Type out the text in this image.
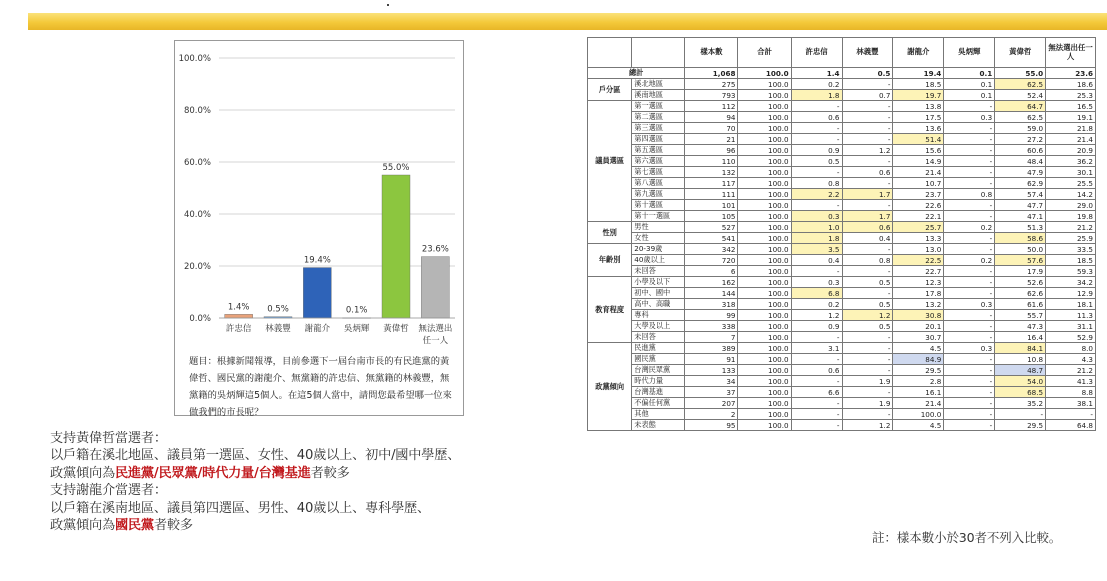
0.0%
20.0%
40.0%
60.0%
80.0%
100.0%
1.4%
許忠信
0.5%
林義豐
19.4%
謝龍介
0.1%
吳炳輝
55.0%
黃偉哲
23.6%
無法選出
任一人
題目：根據新聞報導，目前參選下一屆台南市長的有民進黨的黃偉哲、國民黨的謝龍介、無黨籍的許忠信、無黨籍的林義豐，無黨籍的吳炳輝這5個人。在這5個人當中，請問您最希望哪一位來做我們的市長呢？
支持黃偉哲當選者：
以戶籍在溪北地區、議員第一選區、女性、40歲以上、初中/國中學歷、
政黨傾向為民進黨/民眾黨/時代力量/台灣基進者較多
支持謝龍介當選者：
以戶籍在溪南地區、議員第四選區、男性、40歲以上、專科學歷、
政黨傾向為國民黨者較多
		樣本數	合計	許忠信	林義豐	謝龍介	吳炳輝	黃偉哲	無法選出任一人
總計		1,068	100.0	1.4	0.5	19.4	0.1	55.0	23.6
戶分區	溪北地區	275	100.0	0.2	-	18.5	0.1	62.5	18.6
	溪南地區	793	100.0	1.8	0.7	19.7	0.1	52.4	25.3
議員選區	第一選區	112	100.0	-	-	13.8	-	64.7	16.5
	第二選區	94	100.0	0.6	-	17.5	0.3	62.5	19.1
	第三選區	70	100.0	-	-	13.6	-	59.0	21.8
	第四選區	21	100.0	-	-	51.4	-	27.2	21.4
	第五選區	96	100.0	0.9	1.2	15.6	-	60.6	20.9
	第六選區	110	100.0	0.5	-	14.9	-	48.4	36.2
	第七選區	132	100.0	-	0.6	21.4	-	47.9	30.1
	第八選區	117	100.0	0.8	-	10.7	-	62.9	25.5
	第九選區	111	100.0	2.2	1.7	23.7	0.8	57.4	14.2
	第十選區	101	100.0	-	-	22.6	-	47.7	29.0
	第十一選區	105	100.0	0.3	1.7	22.1	-	47.1	19.8
性別	男性	527	100.0	1.0	0.6	25.7	0.2	51.3	21.2
	女性	541	100.0	1.8	0.4	13.3	-	58.6	25.9
年齡別	20-39歲	342	100.0	3.5	-	13.0	-	50.0	33.5
	40歲以上	720	100.0	0.4	0.8	22.5	0.2	57.6	18.5
	未回答	6	100.0	-	-	22.7	-	17.9	59.3
教育程度	小學及以下	162	100.0	0.3	0.5	12.3	-	52.6	34.2
	初中、國中	144	100.0	6.8	-	17.8	-	62.6	12.9
	高中、高職	318	100.0	0.2	0.5	13.2	0.3	61.6	18.1
	專科	99	100.0	1.2	1.2	30.8	-	55.7	11.3
	大學及以上	338	100.0	0.9	0.5	20.1	-	47.3	31.1
	未回答	7	100.0	-	-	30.7	-	16.4	52.9
政黨傾向	民進黨	389	100.0	3.1	-	4.5	0.3	84.1	8.0
	國民黨	91	100.0	-	-	84.9	-	10.8	4.3
	台灣民眾黨	133	100.0	0.6	-	29.5	-	48.7	21.2
	時代力量	34	100.0	-	1.9	2.8	-	54.0	41.3
	台灣基進	37	100.0	6.6	-	16.1	-	68.5	8.8
	不偏任何黨	207	100.0	-	1.9	21.4	-	35.2	38.1
	其他	2	100.0	-	-	100.0	-	-	-
	未表態	95	100.0	-	1.2	4.5	-	29.5	64.8
註：樣本數小於30者不列入比較。
